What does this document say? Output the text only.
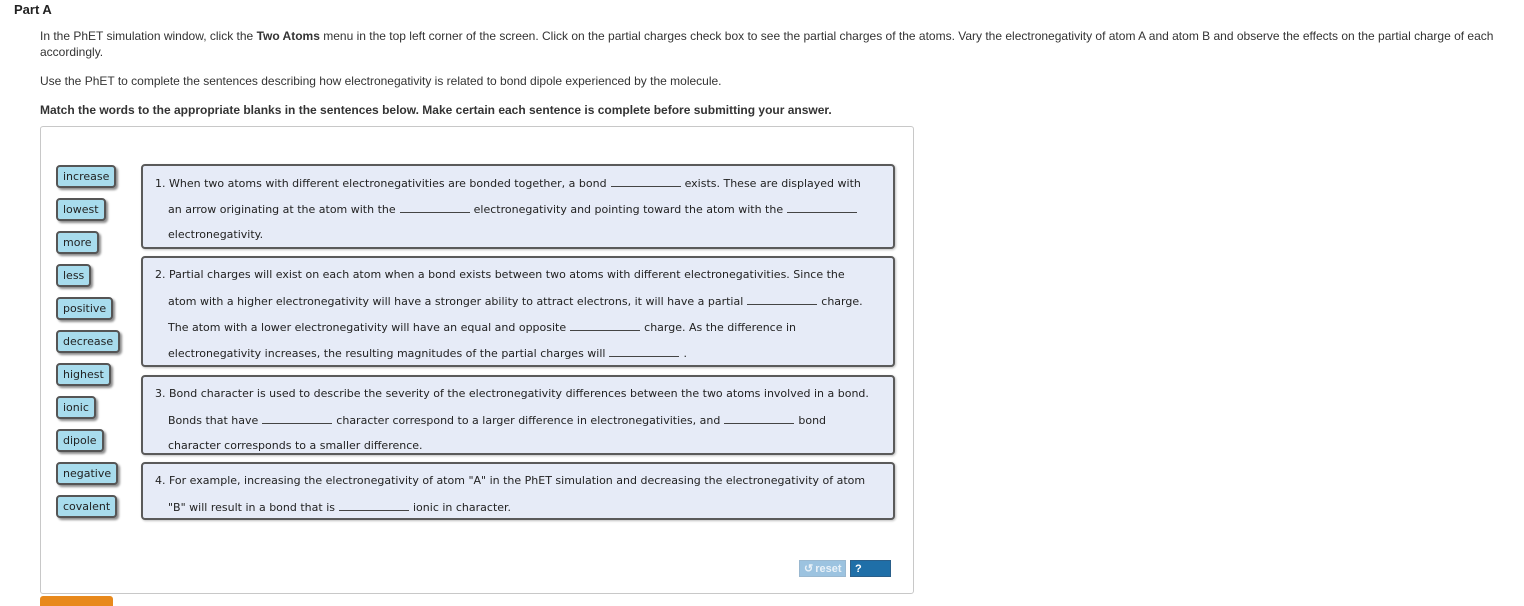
Part A

In the PhET simulation window, click the Two Atoms menu in the top left corner of the screen. Click on the partial charges check box to see the partial charges of the atoms. Vary the electronegativity of atom A and atom B and observe the effects on the partial charge of each accordingly.

Use the PhET to complete the sentences describing how electronegativity is related to bond dipole experienced by the molecule.

Match the words to the appropriate blanks in the sentences below. Make certain each sentence is complete before submitting your answer.

increase
lowest
more
less
positive
decrease
highest
ionic
dipole
negative
covalent
1. When two atoms with different electronegativities are bonded together, a bond	exists. These are displayed with
an arrow originating at the atom with the	electronegativity and pointing toward the atom with the
electronegativity.
2. Partial charges will exist on each atom when a bond exists between two atoms with different electronegativities. Since the
atom with a higher electronegativity will have a stronger ability to attract electrons, it will have a partial	charge.
The atom with a lower electronegativity will have an equal and opposite	charge. As the difference in
electronegativity increases, the resulting magnitudes of the partial charges will	.
3. Bond character is used to describe the severity of the electronegativity differences between the two atoms involved in a bond.
Bonds that have	character correspond to a larger difference in electronegativities, and	bond
character corresponds to a smaller difference.
4. For example, increasing the electronegativity of atom "A" in the PhET simulation and decreasing the electronegativity of atom
"B" will result in a bond that is	ionic in character.
↺ reset	?help
